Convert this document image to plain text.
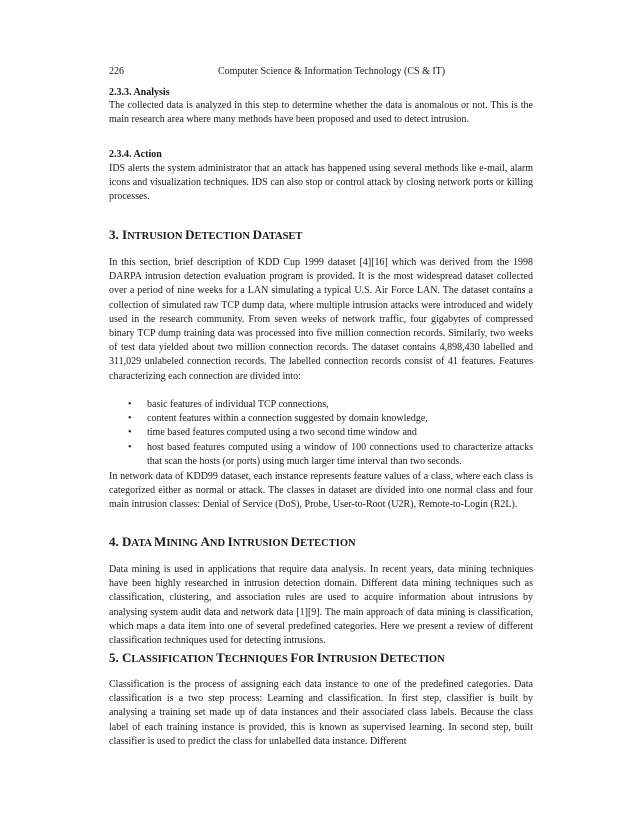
226	Computer Science & Information Technology (CS & IT)
2.3.3. Analysis

The collected data is analyzed in this step to determine whether the data is anomalous or not. This is the main research area where many methods have been proposed and used to detect intrusion.

2.3.4. Action

IDS alerts the system administrator that an attack has happened using several methods like e-mail, alarm icons and visualization techniques. IDS can also stop or control attack by closing network ports or killing processes.

3. INTRUSION DETECTION DATASET

In this section, brief description of KDD Cup 1999 dataset [4][16] which was derived from the 1998 DARPA intrusion detection evaluation program is provided. It is the most widespread dataset collected over a period of nine weeks for a LAN simulating a typical U.S. Air Force LAN. The dataset contains a collection of simulated raw TCP dump data, where multiple intrusion attacks were introduced and widely used in the research community. From seven weeks of network traffic, four gigabytes of compressed binary TCP dump training data was processed into five million connection records. Similarly, two weeks of test data yielded about two million connection records. The dataset contains 4,898,430 labelled and 311,029 unlabeled connection records. The labelled connection records consist of 41 features. Features characterizing each connection are divided into:

• basic features of individual TCP connections,
• content features within a connection suggested by domain knowledge,
• time based features computed using a two second time window and
• host based features computed using a window of 100 connections used to characterize attacks that scan the hosts (or ports) using much larger time interval than two seconds.

In network data of KDD99 dataset, each instance represents feature values of a class, where each class is categorized either as normal or attack. The classes in dataset are divided into one normal class and four main intrusion classes: Denial of Service (DoS), Probe, User-to-Root (U2R), Remote-to-Login (R2L).

4. DATA MINING AND INTRUSION DETECTION

Data mining is used in applications that require data analysis. In recent years, data mining techniques have been highly researched in intrusion detection domain. Different data mining techniques such as classification, clustering, and association rules are used to acquire information about intrusions by analysing system audit data and network data [1][9]. The main approach of data mining is classification, which maps a data item into one of several predefined categories. Here we present a review of different classification techniques used for detecting intrusions.

5. CLASSIFICATION TECHNIQUES FOR INTRUSION DETECTION

Classification is the process of assigning each data instance to one of the predefined categories. Data classification is a two step process: Learning and classification. In first step, classifier is built by analysing a training set made up of data instances and their associated class labels. Because the class label of each training instance is provided, this is known as supervised learning. In second step, built classifier is used to predict the class for unlabelled data instance. Different
